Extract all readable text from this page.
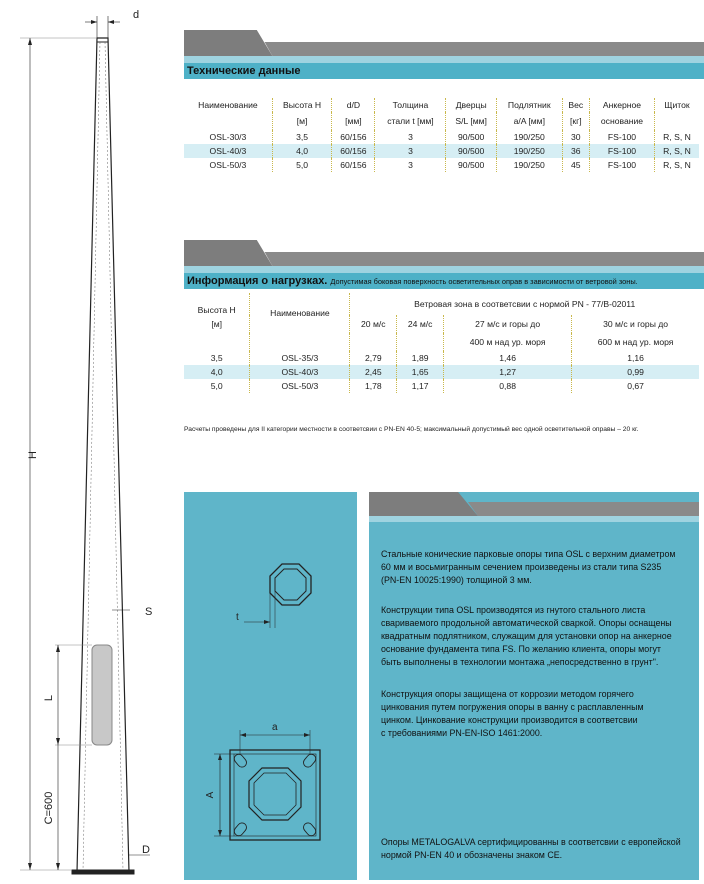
d
H
S
L
C=600
D
Технические данные
Наименование	Высота H	d/D	Толщина	Дверцы	Подлятник	Вес	Анкерное	Щиток
	[м]	[мм]	стали t [мм]	S/L [мм]	a/A [мм]	[кг]	основание	
OSL-30/3	3,5	60/156	3	90/500	190/250	30	FS-100	R, S, N
OSL-40/3	4,0	60/156	3	90/500	190/250	36	FS-100	R, S, N
OSL-50/3	5,0	60/156	3	90/500	190/250	45	FS-100	R, S, N
Информация о нагрузках. Допустимая боковая поверхность осветительных оправ в зависимости от ветровой зоны.
Высота H	Наименование	Ветровая зона в соответсвии с нормой PN - 77/B-02011			
[м]		20 м/с	24 м/с	27 м/с и горы до	30 м/с и горы до
				400 м над ур. моря	600 м над ур. моря
3,5	OSL-35/3	2,79	1,89	1,46	1,16
4,0	OSL-40/3	2,45	1,65	1,27	0,99
5,0	OSL-50/3	1,78	1,17	0,88	0,67
Расчеты проведены для II категории местности в соответсвии с PN-EN 40-5; максимальный допустимый вес одной осветительной оправы – 20 кг.
t
a
A
Стальные конические парковые опоры типа OSL с верхним диаметром
60 мм и восьмигранным сечением произведены из стали типа S235
(PN-EN 10025:1990) толщиной 3 мм.
Конструкции типа OSL производятся из гнутого стального листа
свариваемого продольной автоматической сваркой. Опоры оснащены
квадратным подлятником, служащим для установки опор на анкерное
основание фундамента типа FS. По желанию клиента, опоры могут
быть выполнены в технологии монтажа „непосредственно в грунт".
Конструкция опоры защищена от коррозии методом горячего
цинкования путем погружения опоры в ванну с расплавленным
цинком. Цинкование конструкции производится в соответсвии
с требованиями PN-EN-ISO 1461:2000.
Опоры METALOGALVA сертифицированны в соответсвии с европейской
нормой PN-EN 40 и обозначены знаком CE.
